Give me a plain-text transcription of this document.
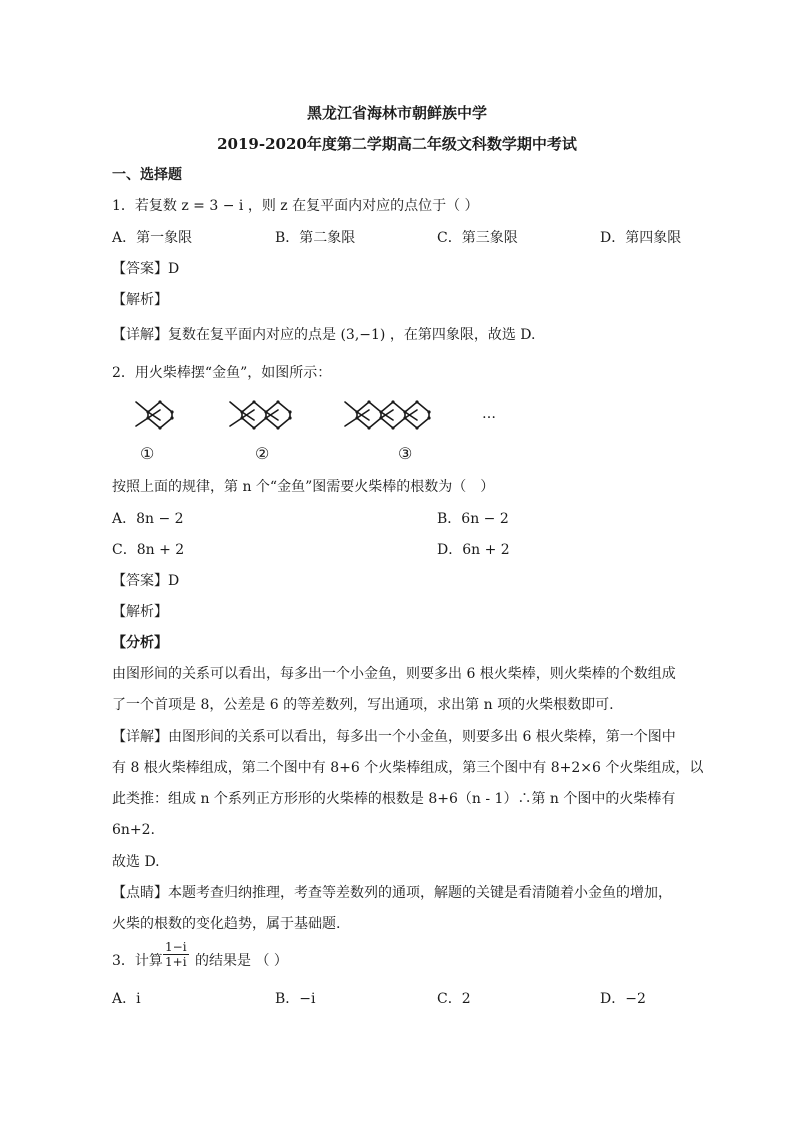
黑龙江省海林市朝鲜族中学
2019-2020年度第二学期高二年级文科数学期中考试
一、选择题
1．若复数 z = 3 − i ，则 z 在复平面内对应的点位于（ ）
A．第一象限	B．第二象限	C．第三象限	D．第四象限
【答案】D
【解析】
【详解】复数在复平面内对应的点是 (3,−1) ，在第四象限，故选 D.
2．用火柴棒摆“金鱼”，如图所示：
…
①	②	③
按照上面的规律，第 n 个“金鱼”图需要火柴棒的根数为（　）
A．8n − 2	B．6n − 2
C．8n + 2	D．6n + 2
【答案】D
【解析】
【分析】
由图形间的关系可以看出，每多出一个小金鱼，则要多出 6 根火柴棒，则火柴棒的个数组成
了一个首项是 8，公差是 6 的等差数列，写出通项，求出第 n 项的火柴根数即可.
【详解】由图形间的关系可以看出，每多出一个小金鱼，则要多出 6 根火柴棒，第一个图中
有 8 根火柴棒组成，第二个图中有 8+6 个火柴棒组成，第三个图中有 8+2×6 个火柴组成，以
此类推：组成 n 个系列正方形形的火柴棒的根数是 8+6（n - 1）∴第 n 个图中的火柴棒有
6n+2.
故选 D.
【点睛】本题考查归纳推理，考查等差数列的通项，解题的关键是看清随着小金鱼的增加，
火柴的根数的变化趋势，属于基础题.
3．计算 $\frac{1-i}{1+i}$ 的结果是 （ ）
A．i	B．−i	C．2	D．−2
